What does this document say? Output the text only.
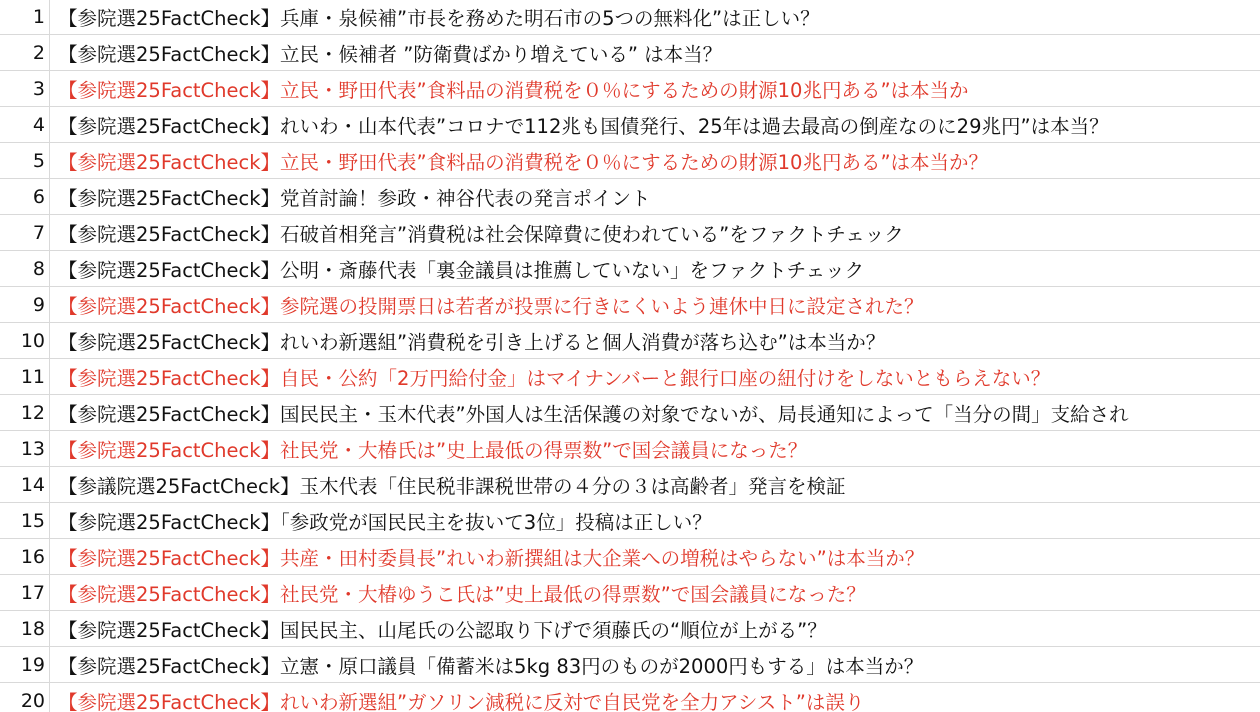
1 【参院選25FactCheck】兵庫・泉候補”市長を務めた明石市の5つの無料化”は正しい？
2 【参院選25FactCheck】立民・候補者 ”防衛費ばかり増えている” は本当？
3 【参院選25FactCheck】立民・野田代表”食料品の消費税を０％にするための財源10兆円ある”は本当か
4 【参院選25FactCheck】れいわ・山本代表”コロナで112兆も国債発行、25年は過去最高の倒産なのに29兆円”は本当？
5 【参院選25FactCheck】立民・野田代表”食料品の消費税を０％にするための財源10兆円ある”は本当か？
6 【参院選25FactCheck】党首討論！参政・神谷代表の発言ポイント
7 【参院選25FactCheck】石破首相発言”消費税は社会保障費に使われている”をファクトチェック
8 【参院選25FactCheck】公明・斎藤代表「裏金議員は推薦していない」をファクトチェック
9 【参院選25FactCheck】参院選の投開票日は若者が投票に行きにくいよう連休中日に設定された？
10 【参院選25FactCheck】れいわ新選組”消費税を引き上げると個人消費が落ち込む”は本当か？
11 【参院選25FactCheck】自民・公約「2万円給付金」はマイナンバーと銀行口座の紐付けをしないともらえない？
12 【参院選25FactCheck】国民民主・玉木代表”外国人は生活保護の対象でないが、局長通知によって「当分の間」支給され
13 【参院選25FactCheck】社民党・大椿氏は”史上最低の得票数”で国会議員になった？
14 【参議院選25FactCheck】玉木代表「住民税非課税世帯の４分の３は高齢者」発言を検証
15 【参院選25FactCheck】「参政党が国民民主を抜いて3位」投稿は正しい？
16 【参院選25FactCheck】共産・田村委員長”れいわ新撰組は大企業への増税はやらない”は本当か？
17 【参院選25FactCheck】社民党・大椿ゆうこ氏は”史上最低の得票数”で国会議員になった？
18 【参院選25FactCheck】国民民主、山尾氏の公認取り下げで須藤氏の“順位が上がる”？
19 【参院選25FactCheck】立憲・原口議員「備蓄米は5kg 83円のものが2000円もする」は本当か？
20 【参院選25FactCheck】れいわ新選組”ガソリン減税に反対で自民党を全力アシスト”は誤り
